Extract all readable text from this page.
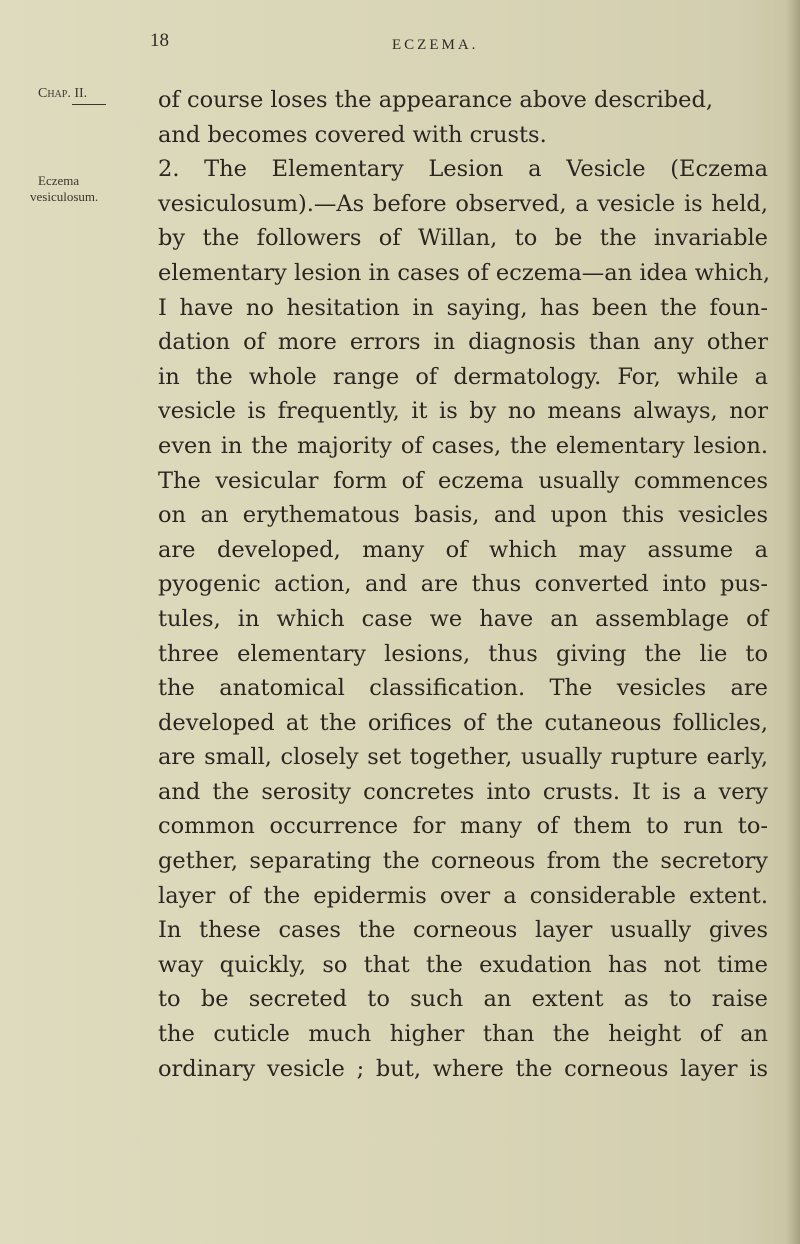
18	ECZEMA.
Chap. II.
Eczema
vesiculosum.
of course loses the appearance above described,
and becomes covered with crusts.
2. The Elementary Lesion a Vesicle (Eczema
vesiculosum).—As before observed, a vesicle is held,
by the followers of Willan, to be the invariable
elementary lesion in cases of eczema—an idea which,
I have no hesitation in saying, has been the foun-
dation of more errors in diagnosis than any other
in the whole range of dermatology. For, while a
vesicle is frequently, it is by no means always, nor
even in the majority of cases, the elementary lesion.
The vesicular form of eczema usually commences
on an erythematous basis, and upon this vesicles
are developed, many of which may assume a
pyogenic action, and are thus converted into pus-
tules, in which case we have an assemblage of
three elementary lesions, thus giving the lie to
the anatomical classification. The vesicles are
developed at the orifices of the cutaneous follicles,
are small, closely set together, usually rupture early,
and the serosity concretes into crusts. It is a very
common occurrence for many of them to run to-
gether, separating the corneous from the secretory
layer of the epidermis over a considerable extent.
In these cases the corneous layer usually gives
way quickly, so that the exudation has not time
to be secreted to such an extent as to raise
the cuticle much higher than the height of an
ordinary vesicle ; but, where the corneous layer is
